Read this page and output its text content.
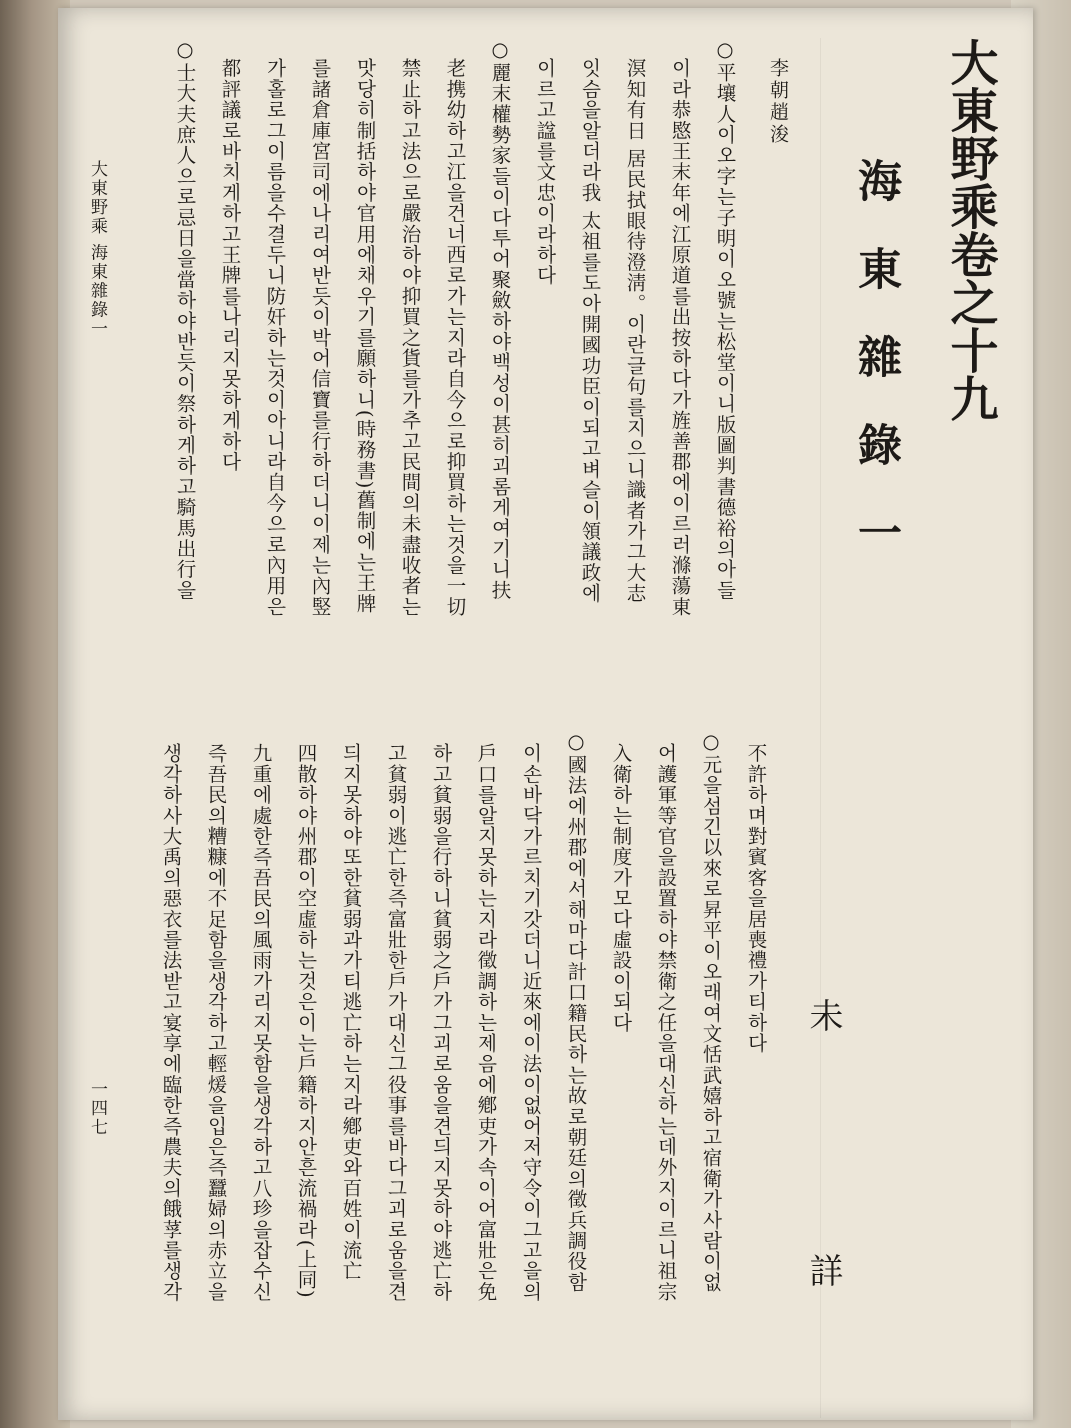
大東野乘卷之十九
海東雜錄一
李朝趙浚
○平壤人이오字는子明이오號는松堂이니版圖判書德裕의아들
이라恭愍王末年에江原道를出按하다가旌善郡에이르러滌蕩東
溟知有日 居民拭眼待澄淸。이란글句를지으니識者가그大志
잇슴을알더라我 太祖를도아開國功臣이되고벼슬이領議政에
이르고諡를文忠이라하다
○麗末權勢家들이다투어聚斂하야백성이甚히괴롬게여기니扶
老携幼하고江을건너西로가는지라自今으로抑買하는것을一切
禁止하고法으로嚴治하야抑買之貨를가추고民間의未盡收者는
맛당히制括하야官用에채우기를願하니(時務書)舊制에는王牌
를諸倉庫宮司에나리여반듯이박어信寶를行하더니이제는內竪
가홀로그이름을수결두니防奸하는것이아니라自今으로內用은
都評議로바치게하고王牌를나리지못하게하다
○士大夫庶人으로忌日을當하야반듯이祭하게하고騎馬出行을
不許하며對賓客을居喪禮가티하다
○元을섬긴以來로昇平이오래여文恬武嬉하고宿衛가사람이없
어護軍等官을設置하야禁衛之任을대신하는데外지이르니祖宗
入衛하는制度가모다虛設이되다
○國法에州郡에서해마다計口籍民하는故로朝廷의徵兵調役함
이손바닥가르치기갓더니近來에이法이없어저守令이그고을의
戶口를알지못하는지라徵調하는제음에鄕吏가속이어富壯은免
하고貧弱을行하니貧弱之戶가그괴로움을견듸지못하야逃亡하
고貧弱이逃亡한즉富壯한戶가대신그役事를바다그괴로움을견
듸지못하야또한貧弱과가티逃亡하는지라鄕吏와百姓이流亡
四散하야州郡이空虛하는것은이는戶籍하지안흔流禍라(上同)
九重에處한즉吾民의風雨가리지못함을생각하고八珍을잡수신
즉吾民의糟糠에不足함을생각하고輕煖을입은즉蠶婦의赤立을
생각하사大禹의惡衣를法받고宴享에臨한즉農夫의餓莩를생각	未
詳
大東野乘 海東雜錄一
一四七
